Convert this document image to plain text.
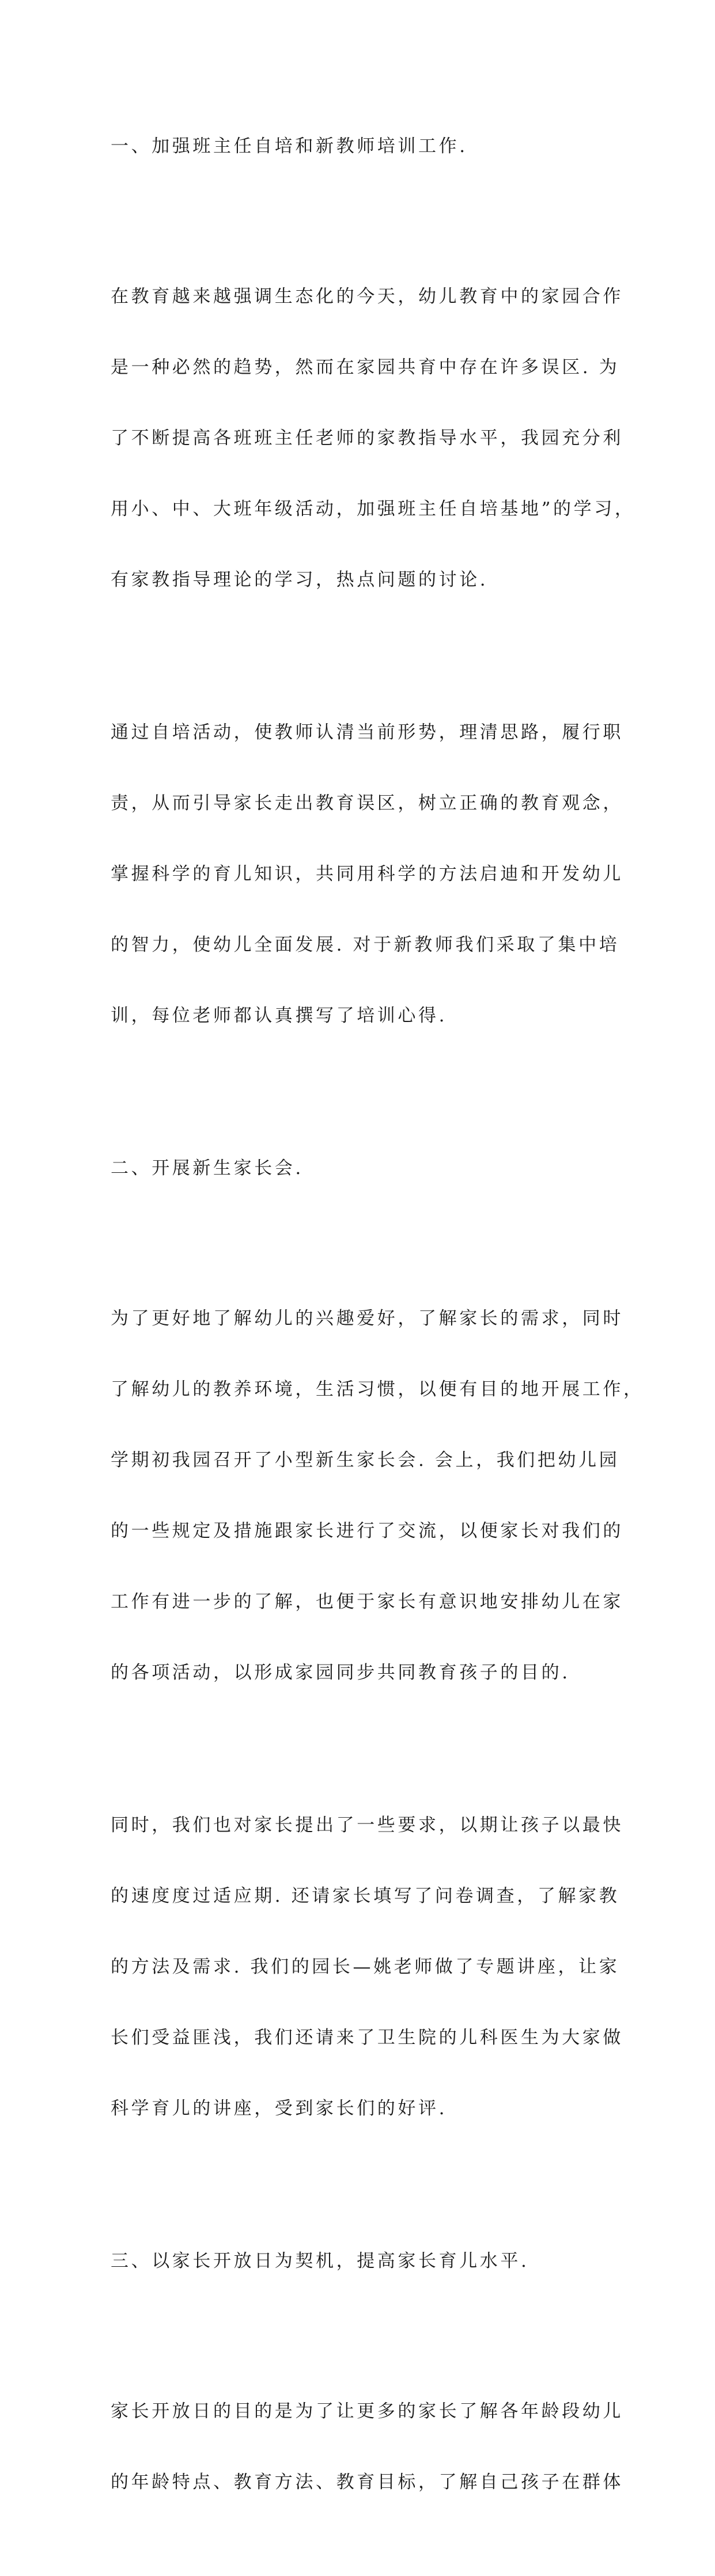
一、加强班主任自培和新教师培训工作.

在教育越来越强调生态化的今天，幼儿教育中的家园合作

是一种必然的趋势，然而在家园共育中存在许多误区. 为

了不断提高各班班主任老师的家教指导水平，我园充分利

用小、中、大班年级活动，加强班主任自培基地”的学习，

有家教指导理论的学习，热点问题的讨论.

通过自培活动，使教师认清当前形势，理清思路，履行职

责，从而引导家长走出教育误区，树立正确的教育观念，

掌握科学的育儿知识，共同用科学的方法启迪和开发幼儿

的智力，使幼儿全面发展. 对于新教师我们采取了集中培

训，每位老师都认真撰写了培训心得.

二、开展新生家长会.

为了更好地了解幼儿的兴趣爱好，了解家长的需求，同时

了解幼儿的教养环境，生活习惯，以便有目的地开展工作，

学期初我园召开了小型新生家长会. 会上，我们把幼儿园

的一些规定及措施跟家长进行了交流，以便家长对我们的

工作有进一步的了解，也便于家长有意识地安排幼儿在家

的各项活动，以形成家园同步共同教育孩子的目的.

同时，我们也对家长提出了一些要求，以期让孩子以最快

的速度度过适应期. 还请家长填写了问卷调查，了解家教

的方法及需求. 我们的园长—姚老师做了专题讲座，让家

长们受益匪浅，我们还请来了卫生院的儿科医生为大家做

科学育儿的讲座，受到家长们的好评.

三、以家长开放日为契机，提高家长育儿水平.

家长开放日的目的是为了让更多的家长了解各年龄段幼儿

的年龄特点、教育方法、教育目标，了解自己孩子在群体
